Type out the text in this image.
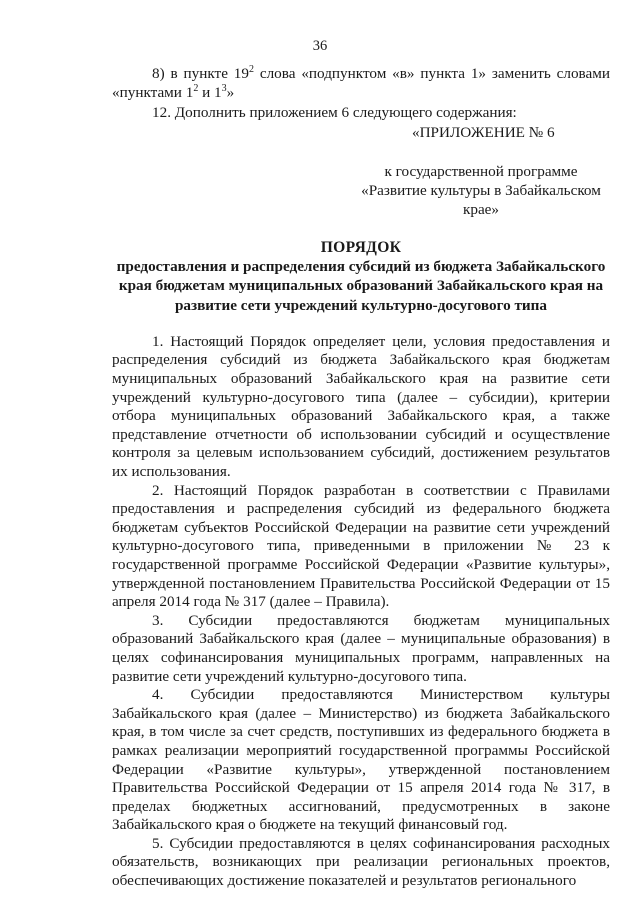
36

8) в пункте $19^2$ слова «подпунктом «в» пункта 1» заменить словами «пунктами $1^2$ и $1^3$»

12. Дополнить приложением 6 следующего содержания:

«ПРИЛОЖЕНИЕ № 6

к государственной программе
«Развитие культуры в Забайкальском
крае»
ПОРЯДОК
предоставления и распределения субсидий из бюджета Забайкальского края бюджетам муниципальных образований Забайкальского края на развитие сети учреждений культурно-досугового типа

1. Настоящий Порядок определяет цели, условия предоставления и распределения субсидий из бюджета Забайкальского края бюджетам муниципальных образований Забайкальского края на развитие сети учреждений культурно-досугового типа (далее – субсидии), критерии отбора муниципальных образований Забайкальского края, а также представление отчетности об использовании субсидий и осуществление контроля за целевым использованием субсидий, достижением результатов их использования.

2. Настоящий Порядок разработан в соответствии с Правилами предоставления и распределения субсидий из федерального бюджета бюджетам субъектов Российской Федерации на развитие сети учреждений культурно-досугового типа, приведенными в приложении № 23 к государственной программе Российской Федерации «Развитие культуры», утвержденной постановлением Правительства Российской Федерации от 15 апреля 2014 года № 317 (далее – Правила).

3. Субсидии предоставляются бюджетам муниципальных образований Забайкальского края (далее – муниципальные образования) в целях софинансирования муниципальных программ, направленных на развитие сети учреждений культурно-досугового типа.

4. Субсидии предоставляются Министерством культуры Забайкальского края (далее – Министерство) из бюджета Забайкальского края, в том числе за счет средств, поступивших из федерального бюджета в рамках реализации мероприятий государственной программы Российской Федерации «Развитие культуры», утвержденной постановлением Правительства Российской Федерации от 15 апреля 2014 года № 317, в пределах бюджетных ассигнований, предусмотренных в законе Забайкальского края о бюджете на текущий финансовый год.

5. Субсидии предоставляются в целях софинансирования расходных обязательств, возникающих при реализации региональных проектов, обеспечивающих достижение показателей и результатов регионального
